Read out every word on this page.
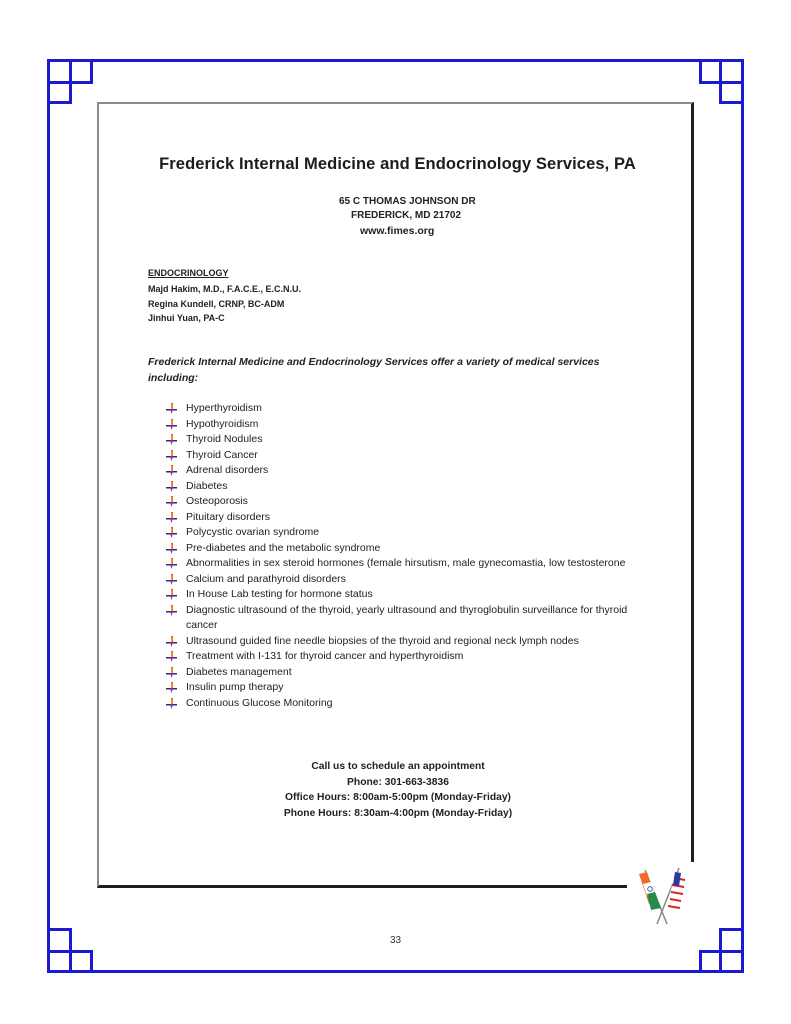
Frederick Internal Medicine and Endocrinology Services, PA
65 C THOMAS JOHNSON DR
FREDERICK, MD 21702
www.fimes.org
ENDOCRINOLOGY
Majd Hakim, M.D., F.A.C.E., E.C.N.U.
Regina Kundell, CRNP, BC-ADM
Jinhui Yuan, PA-C
Frederick Internal Medicine and Endocrinology Services offer a variety of medical services including:
Hyperthyroidism
Hypothyroidism
Thyroid Nodules
Thyroid Cancer
Adrenal disorders
Diabetes
Osteoporosis
Pituitary disorders
Polycystic ovarian syndrome
Pre-diabetes and the metabolic syndrome
Abnormalities in sex steroid hormones (female hirsutism, male gynecomastia, low testosterone
Calcium and parathyroid disorders
In House Lab testing for hormone status
Diagnostic ultrasound of the thyroid, yearly ultrasound and thyroglobulin surveillance for thyroid cancer
Ultrasound guided fine needle biopsies of the thyroid and regional neck lymph nodes
Treatment with I-131 for thyroid cancer and hyperthyroidism
Diabetes management
Insulin pump therapy
Continuous Glucose Monitoring
Call us to schedule an appointment
Phone: 301-663-3836
Office Hours: 8:00am-5:00pm (Monday-Friday)
Phone Hours: 8:30am-4:00pm (Monday-Friday)
33
